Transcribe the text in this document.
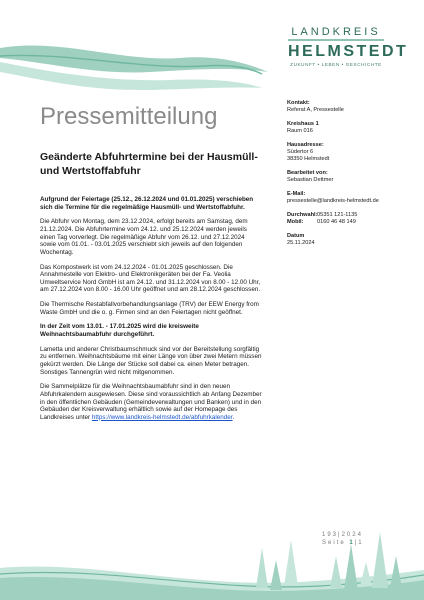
LANDKREIS
HELMSTEDT
ZUKUNFT • LEBEN • GESCHICHTE
Pressemitteilung
Geänderte Abfuhrtermine bei der Hausmüll- und Wertstoffabfuhr

Aufgrund der Feiertage (25.12., 26.12.2024 und 01.01.2025) verschieben sich die Termine für die regelmäßige Hausmüll- und Wertstoffabfuhr.

Die Abfuhr von Montag, dem 23.12.2024, erfolgt bereits am Samstag, dem 21.12.2024. Die Abfuhrtermine vom 24.12. und 25.12.2024 werden jeweils einen Tag vorverlegt. Die regelmäßige Abfuhr vom 26.12. und 27.12.2024 sowie vom 01.01. - 03.01.2025 verschiebt sich jeweils auf den folgenden Wochentag.

Das Kompostwerk ist vom 24.12.2024 - 01.01.2025 geschlossen. Die Annahmestelle von Elektro- und Elektronikgeräten bei der Fa. Veolia Umweltservice Nord GmbH ist am 24.12. und 31.12.2024 von 8.00 - 12.00 Uhr, am 27.12.2024 von 8.00 - 16.00 Uhr geöffnet und am 28.12.2024 geschlossen.

Die Thermische Restabfallvorbehandlungsanlage (TRV) der EEW Energy from Waste GmbH und die o. g. Firmen sind an den Feiertagen nicht geöffnet.

In der Zeit vom 13.01. - 17.01.2025 wird die kreisweite Weihnachtsbaumabfuhr durchgeführt.

Lametta und anderer Christbaumschmuck sind vor der Bereitstellung sorgfältig zu entfernen. Weihnachtsbäume mit einer Länge von über zwei Metern müssen gekürzt werden. Die Länge der Stücke soll dabei ca. einen Meter betragen. Sonstiges Tannengrün wird nicht mitgenommen.

Die Sammelplätze für die Weihnachtsbaumabfuhr sind in den neuen Abfuhrkalendern ausgewiesen. Diese sind voraussichtlich ab Anfang Dezember in den öffentlichen Gebäuden (Gemeindeverwaltungen und Banken) und in den Gebäuden der Kreisverwaltung erhältlich sowie auf der Homepage des Landkreises unter https://www.landkreis-helmstedt.de/abfuhrkalender.

Kontakt:
Referat A, Pressestelle
Kreishaus 1
Raum 016
Hausadresse:
Südertor 6
38350 Helmstedt
Bearbeitet von:
Sebastian Dettmer
E-Mail:
pressestelle@landkreis-helmstedt.de
Durchwahl: 05351 121-1135
Mobil:	0160 46 48 149
Datum
25.11.2024
193|2024
Seite 1|1
